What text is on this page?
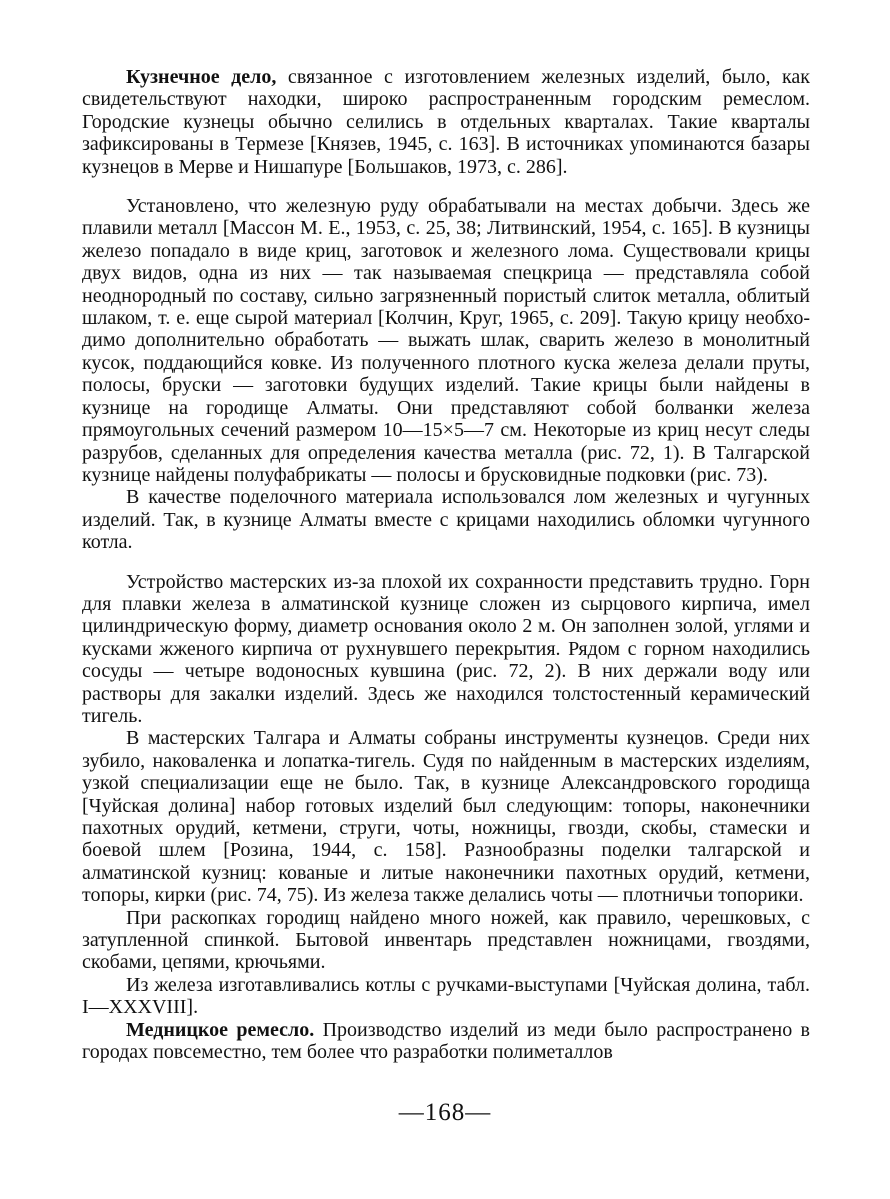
Кузнечное дело, связанное с изготовлением железных изделий, было, как свидетельствуют находки, широко распространенным городским ремеслом. Городские кузнецы обычно селились в отдельных кварталах. Такие кварталы зафиксированы в Термезе [Князев, 1945, с. 163]. В источниках упоминаются базары кузнецов в Мерве и Нишапуре [Большаков, 1973, с. 286].

Установлено, что железную руду обрабатывали на местах добычи. Здесь же плавили металл [Массон М. Е., 1953, с. 25, 38; Литвинский, 1954, с. 165]. В кузницы железо попадало в виде криц, заготовок и железного лома. Существовали крицы двух видов, одна из них — так называемая спецкрица — представляла собой неоднородный по составу, сильно загрязненный пористый слиток металла, облитый шлаком, т. е. еще сырой материал [Колчин, Круг, 1965, с. 209]. Такую крицу необходимо дополнительно обработать — выжать шлак, сварить железо в монолитный кусок, поддающийся ковке. Из полученного плотного куска железа делали пруты, полосы, бруски — заготовки будущих изделий. Такие крицы были найдены в кузнице на городище Алматы. Они представляют собой болванки железа прямоугольных сечений размером 10—15×5—7 см. Некоторые из криц несут следы разрубов, сделанных для определения качества металла (рис. 72, 1). В Талгарской кузнице найдены полуфабрикаты — полосы и брусковидные подковки (рис. 73).

В качестве поделочного материала использовался лом железных и чугунных изделий. Так, в кузнице Алматы вместе с крицами находились обломки чугунного котла.

Устройство мастерских из-за плохой их сохранности представить трудно. Горн для плавки железа в алматинской кузнице сложен из сырцового кирпича, имел цилиндрическую форму, диаметр основания около 2 м. Он заполнен золой, углями и кусками жженого кирпича от рухнувшего перекрытия. Рядом с горном находились сосуды — четыре водоносных кувшина (рис. 72, 2). В них держали воду или растворы для закалки изделий. Здесь же находился толстостенный керамический тигель.

В мастерских Талгара и Алматы собраны инструменты кузнецов. Среди них зубило, наковаленка и лопатка-тигель. Судя по найденным в мастерских изделиям, узкой специализации еще не было. Так, в кузнице Александровского городища [Чуйская долина] набор готовых изделий был следующим: топоры, наконечники пахотных орудий, кетмени, струги, чоты, ножницы, гвозди, скобы, стамески и боевой шлем [Розина, 1944, с. 158]. Разнообразны поделки талгарской и алматинской кузниц: кованые и литые наконечники пахотных орудий, кетмени, топоры, кирки (рис. 74, 75). Из железа также делались чоты — плотничьи топорики.

При раскопках городищ найдено много ножей, как правило, черешковых, с затупленной спинкой. Бытовой инвентарь представлен ножницами, гвоздями, скобами, цепями, крючьями.

Из железа изготавливались котлы с ручками-выступами [Чуйская долина, табл. I—XXXVIII].

Медницкое ремесло. Производство изделий из меди было распространено в городах повсеместно, тем более что разработки полиметаллов

—168—
